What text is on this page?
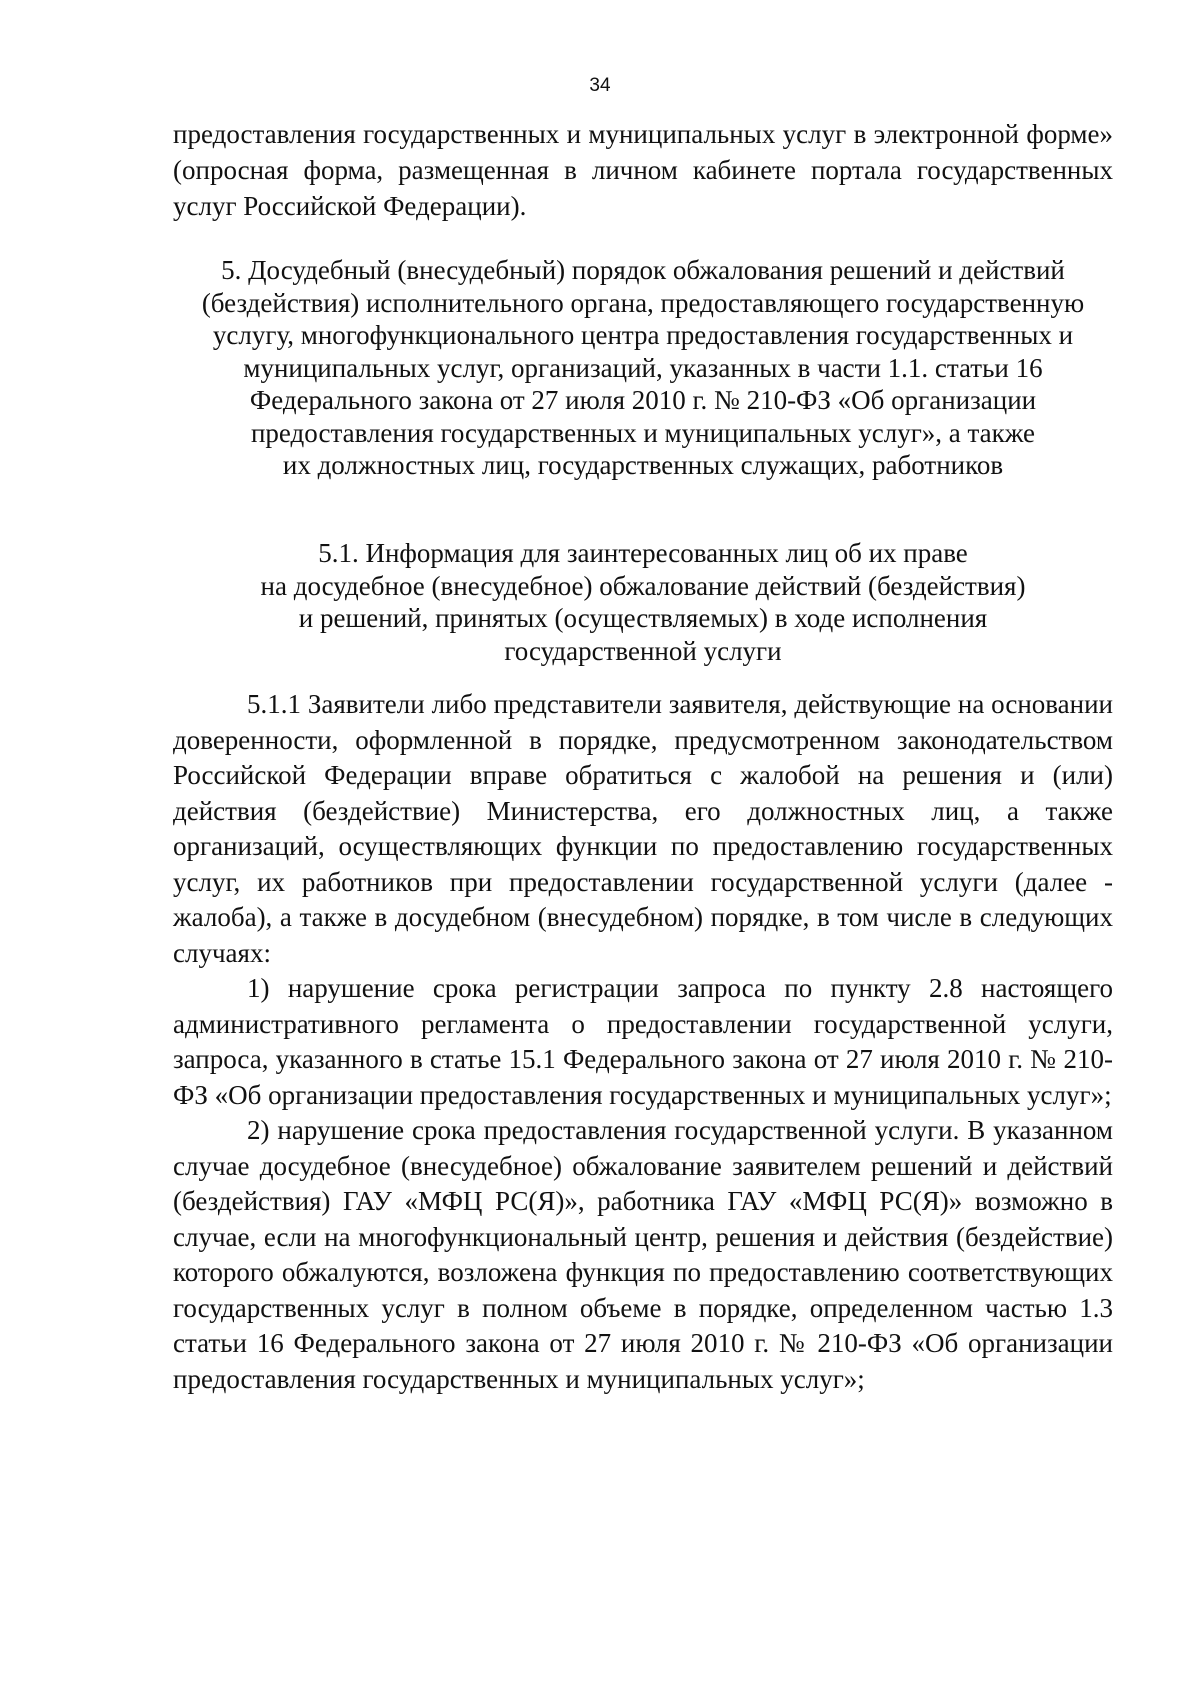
34

предоставления государственных и муниципальных услуг в электронной форме» (опросная форма, размещенная в личном кабинете портала государственных услуг Российской Федерации).

5. Досудебный (внесудебный) порядок обжалования решений и действий
(бездействия) исполнительного органа, предоставляющего государственную
услугу, многофункционального центра предоставления государственных и
муниципальных услуг, организаций, указанных в части 1.1. статьи 16
Федерального закона от 27 июля 2010 г. № 210-ФЗ «Об организации
предоставления государственных и муниципальных услуг», а также
их должностных лиц, государственных служащих, работников
5.1. Информация для заинтересованных лиц об их праве
на досудебное (внесудебное) обжалование действий (бездействия)
и решений, принятых (осуществляемых) в ходе исполнения
государственной услуги

5.1.1 Заявители либо представители заявителя, действующие на основании доверенности, оформленной в порядке, предусмотренном законодательством Российской Федерации вправе обратиться с жалобой на решения и (или) действия (бездействие) Министерства, его должностных лиц, а также организаций, осуществляющих функции по предоставлению государственных услуг, их работников при предоставлении государственной услуги (далее - жалоба), а также в досудебном (внесудебном) порядке, в том числе в следующих случаях:

1) нарушение срока регистрации запроса по пункту 2.8 настоящего административного регламента о предоставлении государственной услуги, запроса, указанного в статье 15.1 Федерального закона от 27 июля 2010 г. № 210-ФЗ «Об организации предоставления государственных и муниципальных услуг»;

2) нарушение срока предоставления государственной услуги. В указанном случае досудебное (внесудебное) обжалование заявителем решений и действий (бездействия) ГАУ «МФЦ РС(Я)», работника ГАУ «МФЦ РС(Я)» возможно в случае, если на многофункциональный центр, решения и действия (бездействие) которого обжалуются, возложена функция по предоставлению соответствующих государственных услуг в полном объеме в порядке, определенном частью 1.3 статьи 16 Федерального закона от 27 июля 2010 г. № 210-ФЗ «Об организации предоставления государственных и муниципальных услуг»;
